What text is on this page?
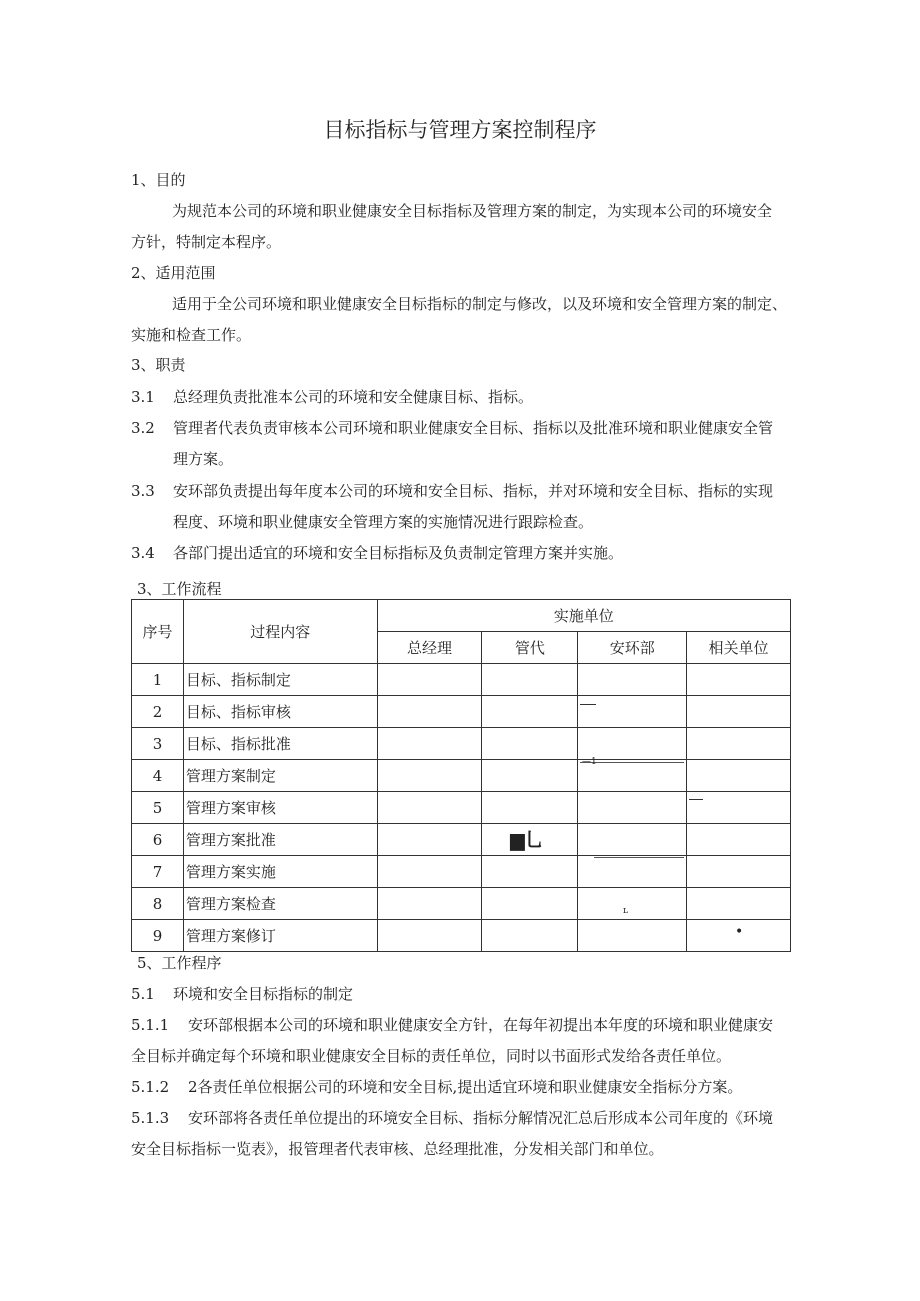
目标指标与管理方案控制程序
1、目的
为规范本公司的环境和职业健康安全目标指标及管理方案的制定，为实现本公司的环境安全
方针，特制定本程序。
2、适用范围
适用于全公司环境和职业健康安全目标指标的制定与修改，以及环境和安全管理方案的制定、
实施和检查工作。
3、职责
3.1 总经理负责批准本公司的环境和安全健康目标、指标。
3.2 管理者代表负责审核本公司环境和职业健康安全目标、指标以及批准环境和职业健康安全管
理方案。
3.3 安环部负责提出每年度本公司的环境和安全目标、指标，并对环境和安全目标、指标的实现
程度、环境和职业健康安全管理方案的实施情况进行跟踪检查。
3.4 各部门提出适宜的环境和安全目标指标及负责制定管理方案并实施。
3、工作流程
序号	过程内容	实施单位			
		总经理	管代	安环部	相关单位
1	目标、指标制定				
2	目标、指标审核				
3	目标、指标批准				
4	管理方案制定				
5	管理方案审核				
6	管理方案批准				
7	管理方案实施				
8	管理方案检查				
9	管理方案修订				
—1
▆乚
ʟ
•
5、工作程序
5.1 环境和安全目标指标的制定
5.1.1 安环部根据本公司的环境和职业健康安全方针，在每年初提出本年度的环境和职业健康安
全目标并确定每个环境和职业健康安全目标的责任单位，同时以书面形式发给各责任单位。
5.1.2 2各责任单位根据公司的环境和安全目标,提出适宜环境和职业健康安全指标分方案。
5.1.3 安环部将各责任单位提出的环境安全目标、指标分解情况汇总后形成本公司年度的《环境
安全目标指标一览表》，报管理者代表审核、总经理批准，分发相关部门和单位。
